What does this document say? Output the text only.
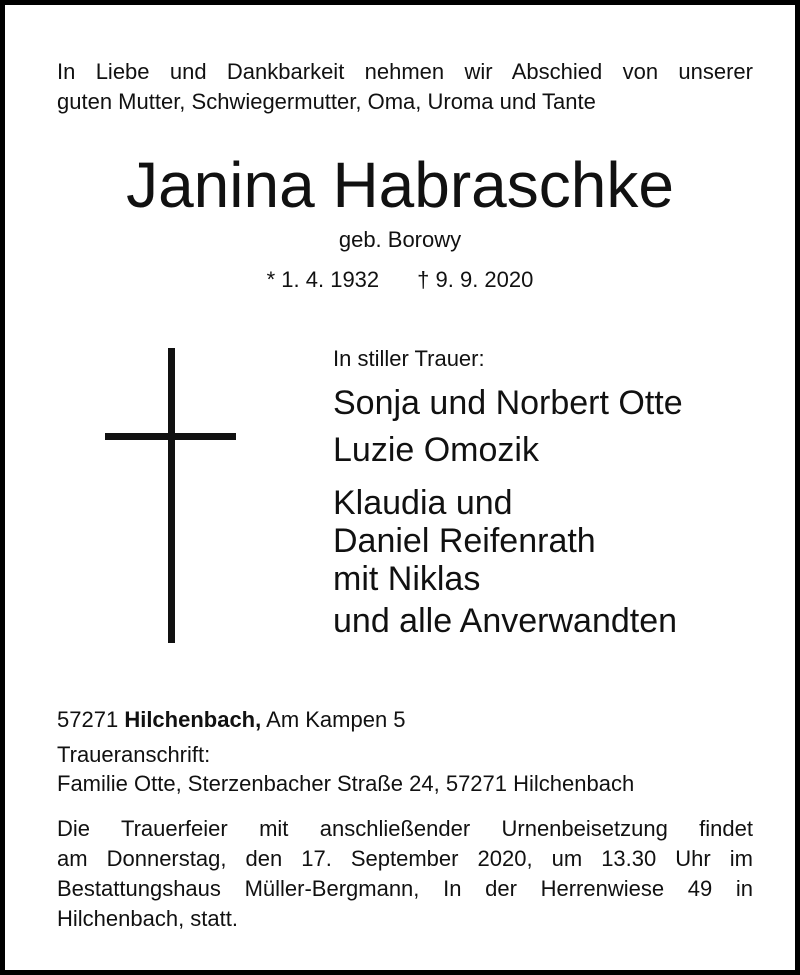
In Liebe und Dankbarkeit nehmen wir Abschied von unserer
guten Mutter, Schwiegermutter, Oma, Uroma und Tante
Janina Habraschke
geb. Borowy
* 1. 4. 1932 † 9. 9. 2020
In stiller Trauer:
Sonja und Norbert Otte
Luzie Omozik
Klaudia und
Daniel Reifenrath
mit Niklas
und alle Anverwandten
57271 Hilchenbach, Am Kampen 5
Traueranschrift:
Familie Otte, Sterzenbacher Straße 24, 57271 Hilchenbach
Die Trauerfeier mit anschließender Urnenbeisetzung findet
am Donnerstag, den 17. September 2020, um 13.30 Uhr im
Bestattungshaus Müller-Bergmann, In der Herrenwiese 49 in
Hilchenbach, statt.
